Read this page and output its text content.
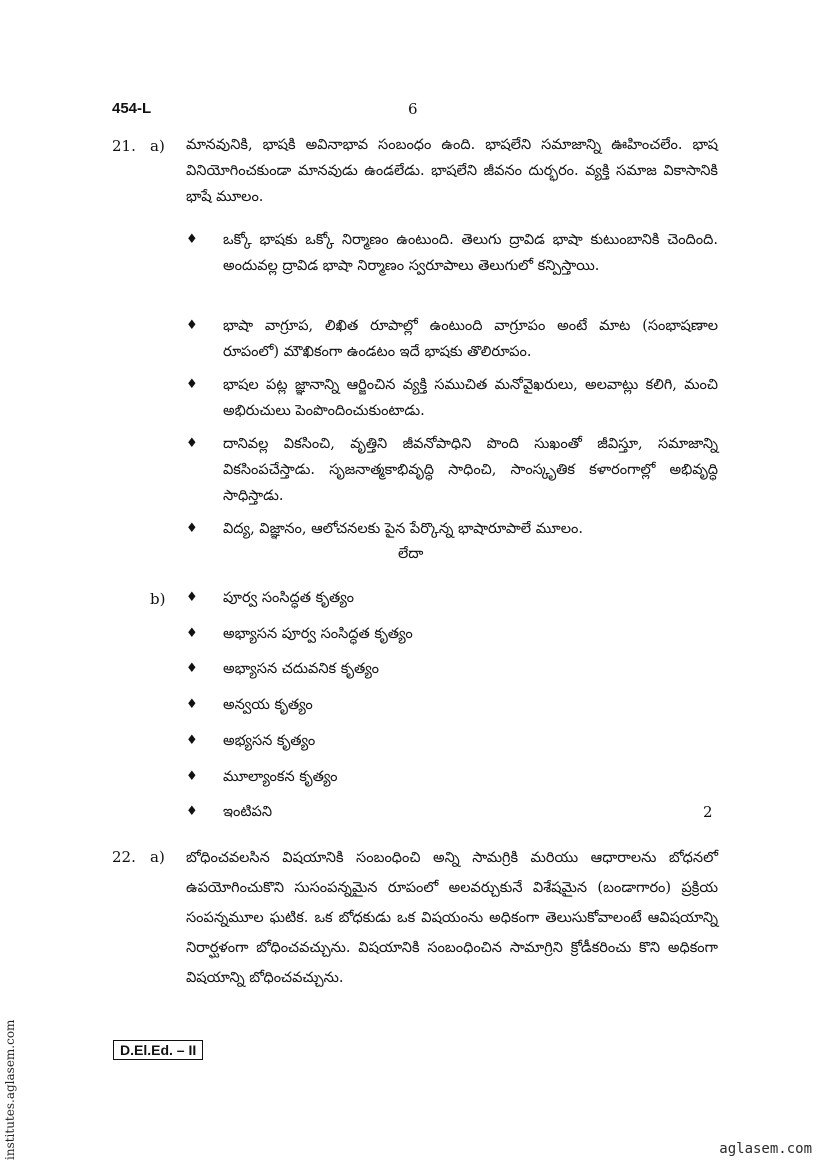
454-L	6
21. a) మానవునికి, భాషకి అవినాభావ సంబంధం ఉంది. భాషలేని సమాజాన్ని ఊహించలేం. భాష వినియోగించకుండా మానవుడు ఉండలేడు. భాషలేని జీవనం దుర్భరం. వ్యక్తి సమాజ వికాసానికి భాషే మూలం.
♦ ఒక్కో భాషకు ఒక్కో నిర్మాణం ఉంటుంది. తెలుగు ద్రావిడ భాషా కుటుంబానికి చెందింది. అందువల్ల ద్రావిడ భాషా నిర్మాణం స్వరూపాలు తెలుగులో కన్పిస్తాయి.
♦ భాషా వాగ్రూప, లిఖిత రూపాల్లో ఉంటుంది వాగ్రూపం అంటే మాట (సంభాషణాల రూపంలో) మౌఖికంగా ఉండటం ఇదే భాషకు తొలిరూపం.
♦ భాషల పట్ల జ్ఞానాన్ని ఆర్జించిన వ్యక్తి సముచిత మనోవైఖరులు, అలవాట్లు కలిగి, మంచి అభిరుచులు పెంపొందించుకుంటాడు.
♦ దానివల్ల వికసించి, వృత్తిని జీవనోపాధిని పొంది సుఖంతో జీవిస్తూ, సమాజాన్ని వికసింపచేస్తాడు. సృజనాత్మకాభివృద్ధి సాధించి, సాంస్కృతిక కళారంగాల్లో అభివృద్ధి సాధిస్తాడు.
♦ విద్య, విజ్ఞానం, ఆలోచనలకు పైన పేర్కొన్న భాషారూపాలే మూలం.
లేదా
b) ♦ పూర్వ సంసిద్ధత కృత్యం
♦ అభ్యాసన పూర్వ సంసిద్ధత కృత్యం
♦ అభ్యాసన చదువనిక కృత్యం
♦ అన్వయ కృత్యం
♦ అభ్యసన కృత్యం
♦ మూల్యాంకన కృత్యం
♦ ఇంటిపని	2
22. a) బోధించవలసిన విషయానికి సంబంధించి అన్ని సామగ్రికి మరియు ఆధారాలను బోధనలో ఉపయోగించుకొని సుసంపన్నమైన రూపంలో అలవర్చుకునే విశేషమైన (బండాగారం) ప్రక్రియ సంపన్నమూల ఘటిక. ఒక బోధకుడు ఒక విషయంను అధికంగా తెలుసుకోవాలంటే ఆవిషయాన్ని నిరార్ఘళంగా బోధించవచ్చును. విషయానికి సంబంధించిన సామాగ్రిని క్రోడీకరించు కొని అధికంగా విషయాన్ని బోధించవచ్చును.
D.El.Ed. – II
institutes.aglasem.com	aglasem.com
